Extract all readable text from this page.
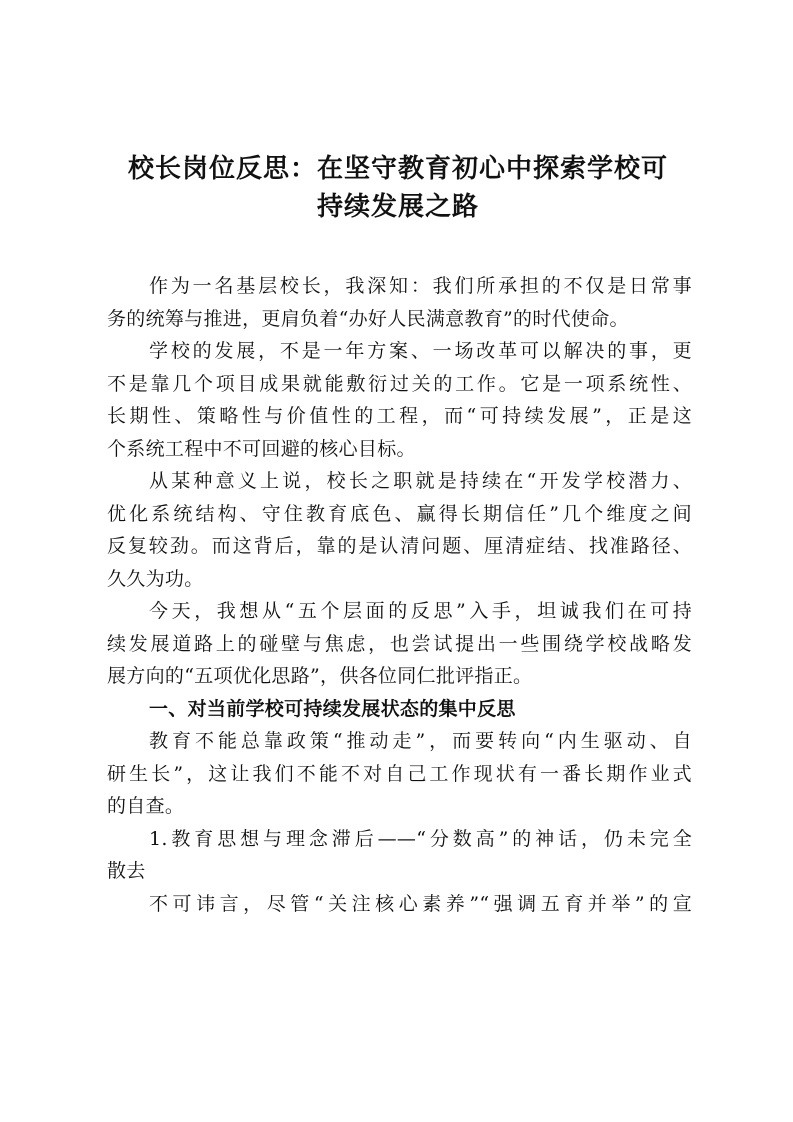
校长岗位反思：在坚守教育初心中探索学校可
持续发展之路

作为一名基层校长，我深知：我们所承担的不仅是日常事
务的统筹与推进，更肩负着“办好人民满意教育”的时代使命。

学校的发展，不是一年方案、一场改革可以解决的事，更
不是靠几个项目成果就能敷衍过关的工作。它是一项系统性、
长期性、策略性与价值性的工程，而“可持续发展”，正是这
个系统工程中不可回避的核心目标。

从某种意义上说，校长之职就是持续在“开发学校潜力、
优化系统结构、守住教育底色、赢得长期信任”几个维度之间
反复较劲。而这背后，靠的是认清问题、厘清症结、找准路径、
久久为功。

今天，我想从“五个层面的反思”入手，坦诚我们在可持
续发展道路上的碰壁与焦虑，也尝试提出一些围绕学校战略发
展方向的“五项优化思路”，供各位同仁批评指正。

一、对当前学校可持续发展状态的集中反思

教育不能总靠政策“推动走”，而要转向“内生驱动、自
研生长”，这让我们不能不对自己工作现状有一番长期作业式
的自查。

1.教育思想与理念滞后——“分数高”的神话，仍未完全
散去

不可讳言，尽管“关注核心素养”“强调五育并举”的宣
